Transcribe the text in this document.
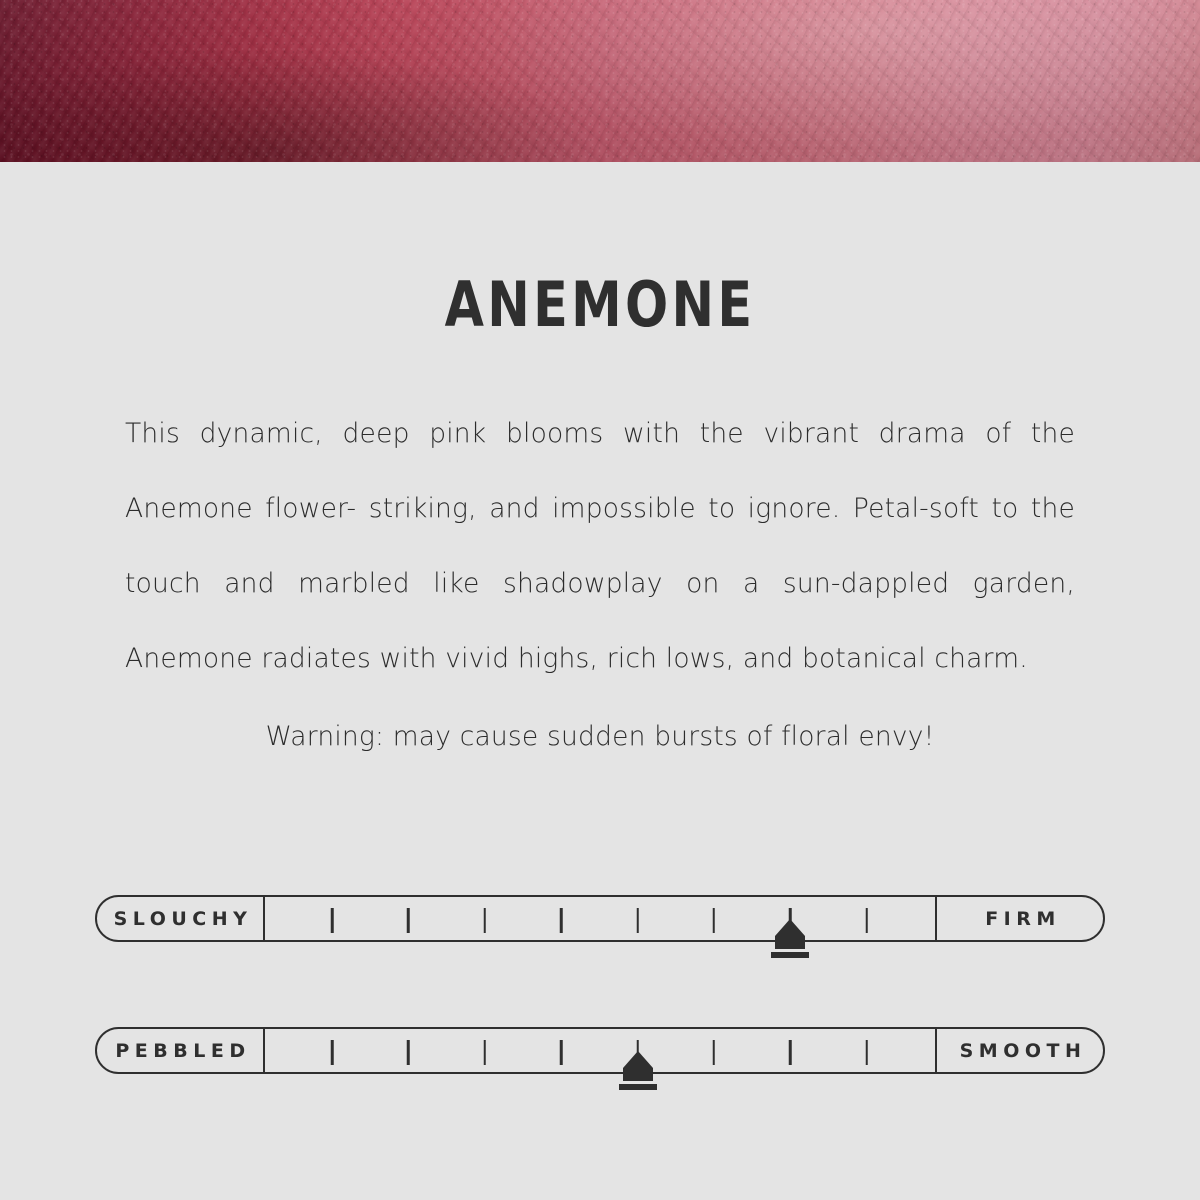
ANEMONE

This dynamic, deep pink blooms with the vibrant drama of the Anemone flower- striking, and impossible to ignore. Petal-soft to the touch and marbled like shadowplay on a sun-dappled garden, Anemone radiates with vivid highs, rich lows, and botanical charm.

Warning: may cause sudden bursts of floral envy!

SLOUCHY	FIRM
PEBBLED	SMOOTH
